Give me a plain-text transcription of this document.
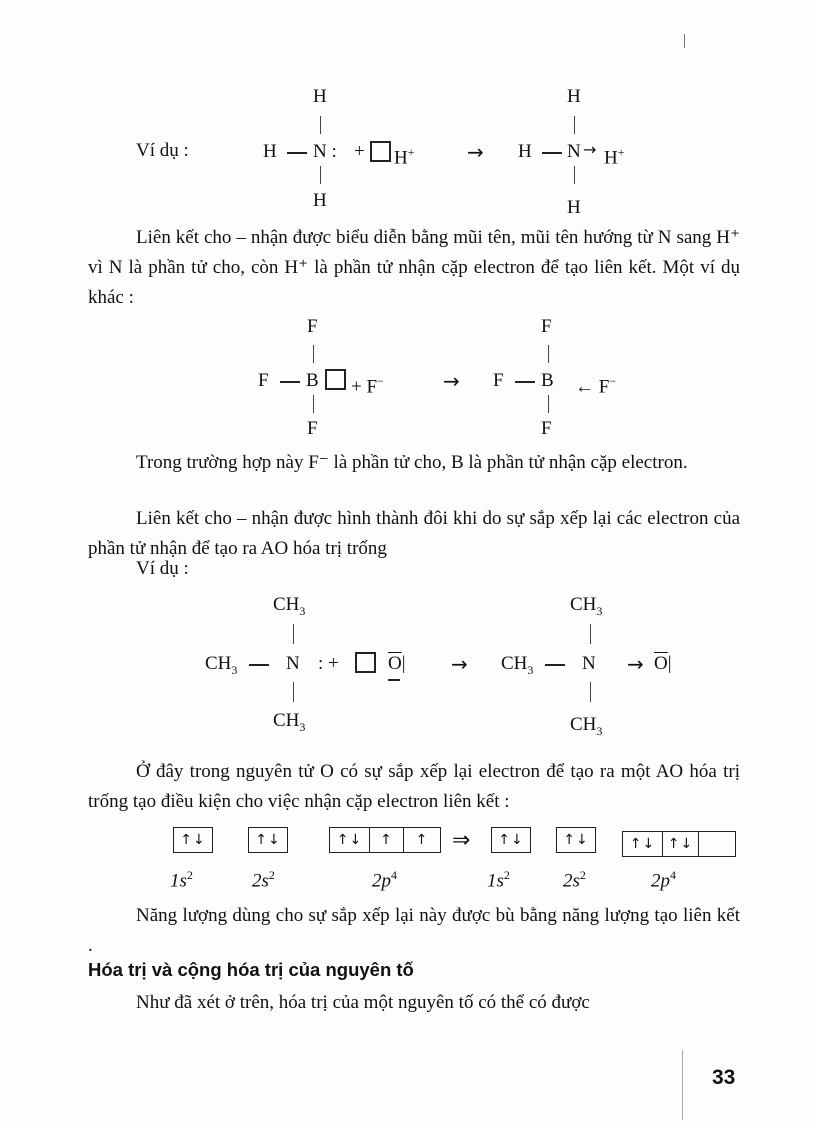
Ví dụ :
H
H N : + H+
H
→
H
H N → H+
H

Liên kết cho – nhận được biểu diễn bằng mũi tên, mũi tên hướng từ N sang H⁺ vì N là phần tử cho, còn H⁺ là phần tử nhận cặp electron để tạo liên kết. Một ví dụ khác :

F
F B + F−
F
→
F
F B ← F−
F

Trong trường hợp này F⁻ là phần tử cho, B là phần tử nhận cặp electron.

Liên kết cho – nhận được hình thành đôi khi do sự sắp xếp lại các electron của phần tử nhận để tạo ra AO hóa trị trống

Ví dụ :

$CH_3$
$CH_3$	N : +	$\overline{O}|$
$CH_3$
→
$CH_3$
$CH_3$	$N \to \overline{O}|$
$CH_3$

Ở đây trong nguyên tử O có sự sắp xếp lại electron để tạo ra một AO hóa trị trống tạo điều kiện cho việc nhận cặp electron liên kết :

↑↓	↑↓	↑↓	↑	↑	⇒	↑↓	↑↓	↑↓ ↑↓
$1s^2$	$2s^2$	$2p^4$	$1s^2$	$2s^2$	$2p^4$

Năng lượng dùng cho sự sắp xếp lại này được bù bằng năng lượng tạo liên kết .

Hóa trị và cộng hóa trị của nguyên tố

Như đã xét ở trên, hóa trị của một nguyên tố có thể có được

33
